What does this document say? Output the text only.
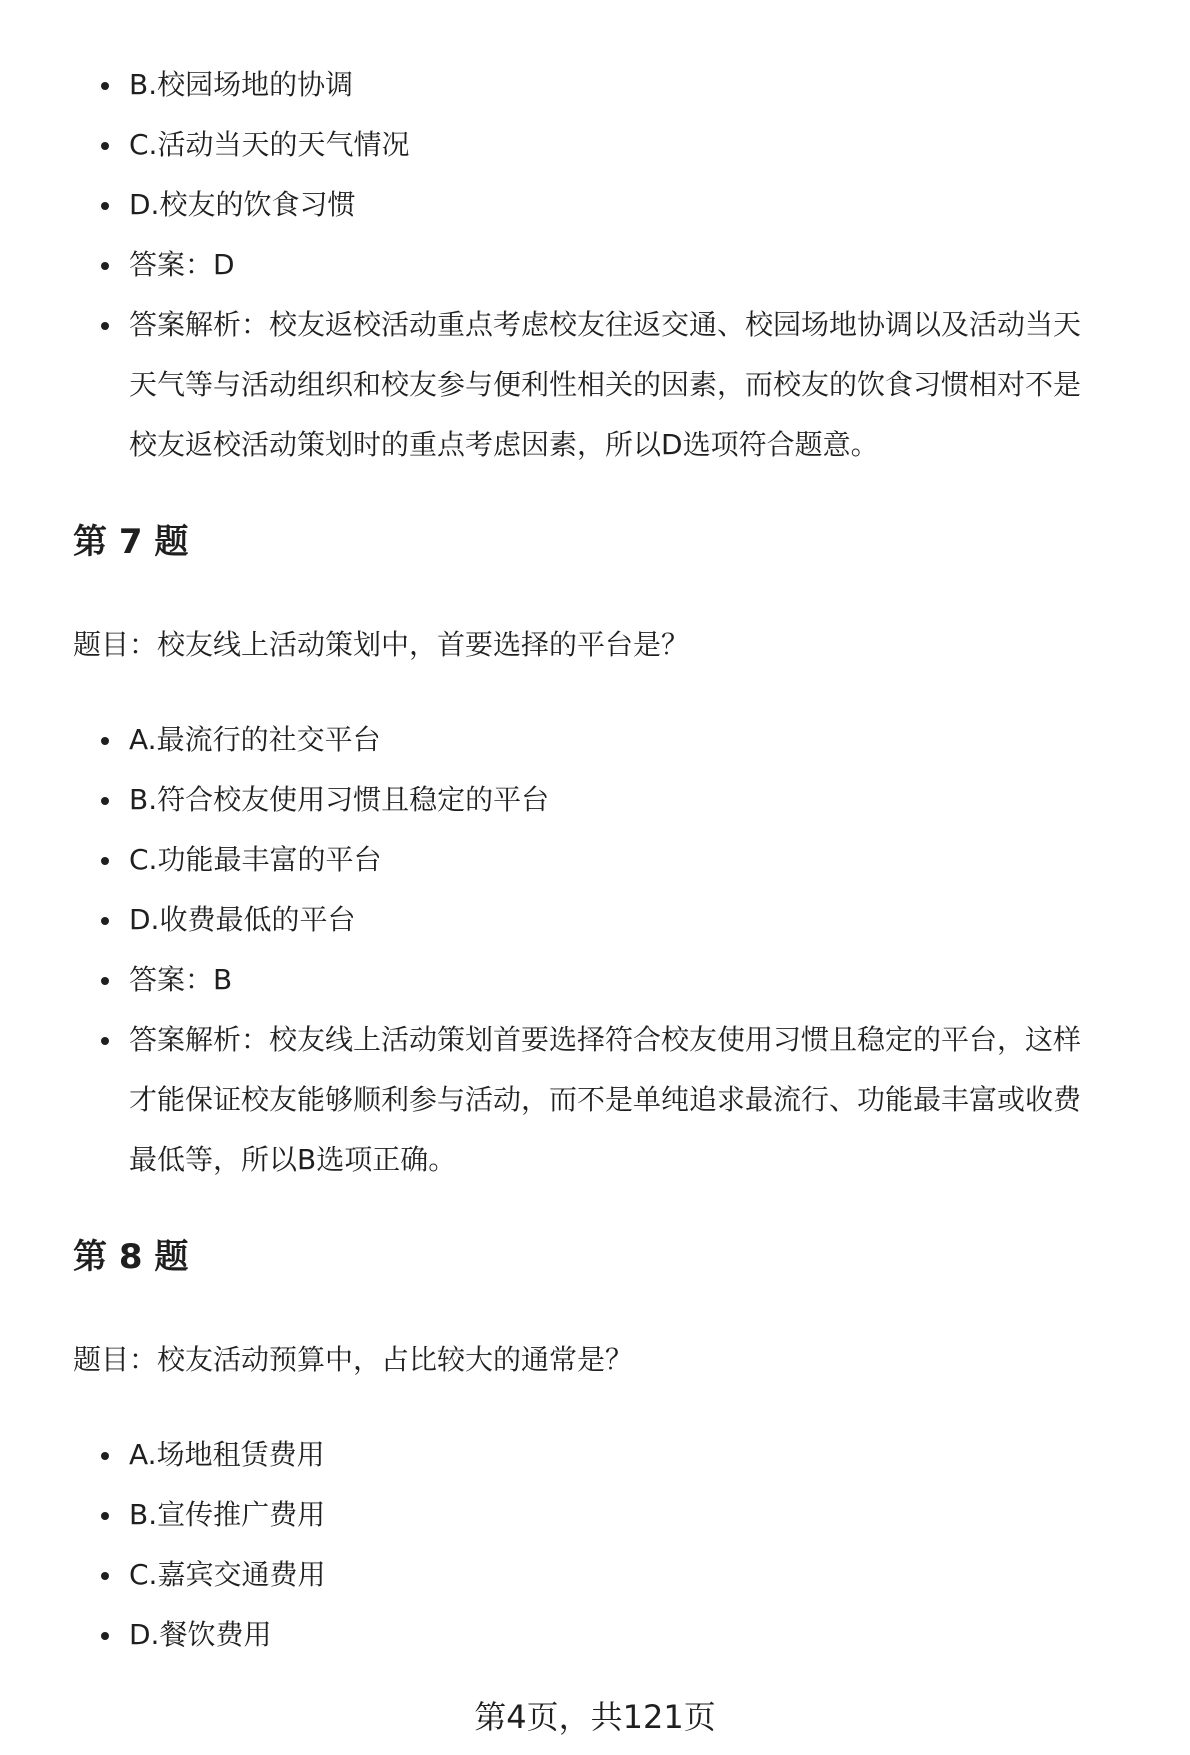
B.校园场地的协调
C.活动当天的天气情况
D.校友的饮食习惯
答案：D
答案解析：校友返校活动重点考虑校友往返交通、校园场地协调以及活动当天
天气等与活动组织和校友参与便利性相关的因素，而校友的饮食习惯相对不是
校友返校活动策划时的重点考虑因素，所以D选项符合题意。
第 7 题

题目：校友线上活动策划中，首要选择的平台是？

A.最流行的社交平台
B.符合校友使用习惯且稳定的平台
C.功能最丰富的平台
D.收费最低的平台
答案：B
答案解析：校友线上活动策划首要选择符合校友使用习惯且稳定的平台，这样
才能保证校友能够顺利参与活动，而不是单纯追求最流行、功能最丰富或收费
最低等，所以B选项正确。
第 8 题

题目：校友活动预算中，占比较大的通常是？

A.场地租赁费用
B.宣传推广费用
C.嘉宾交通费用
D.餐饮费用
第4页，共121页
